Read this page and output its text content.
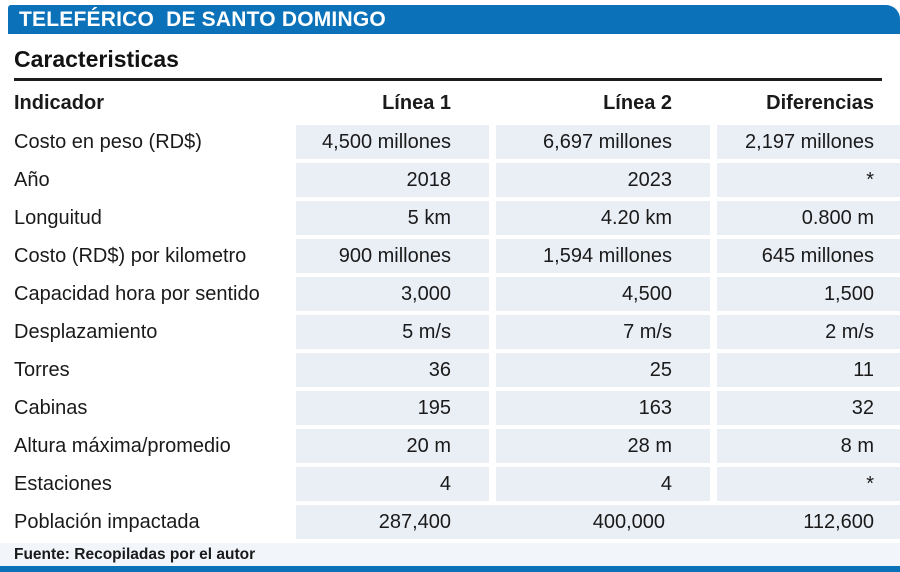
TELEFÉRICO  DE SANTO DOMINGO
Caracteristicas
Indicador	Línea 1	Línea 2	Diferencias
Costo en peso (RD$)	4,500 millones	6,697 millones	2,197 millones
Año	2018	2023	*
Longuitud	5 km	4.20 km	0.800 m
Costo (RD$) por kilometro	900 millones	1,594 millones	645 millones
Capacidad hora por sentido	3,000	4,500	1,500
Desplazamiento	5 m/s	7 m/s	2 m/s
Torres	36	25	11
Cabinas	195	163	32
Altura máxima/promedio	20 m	28 m	8 m
Estaciones	4	4	*
Población impactada	287,400	400,000	112,600
Fuente: Recopiladas por el autor
